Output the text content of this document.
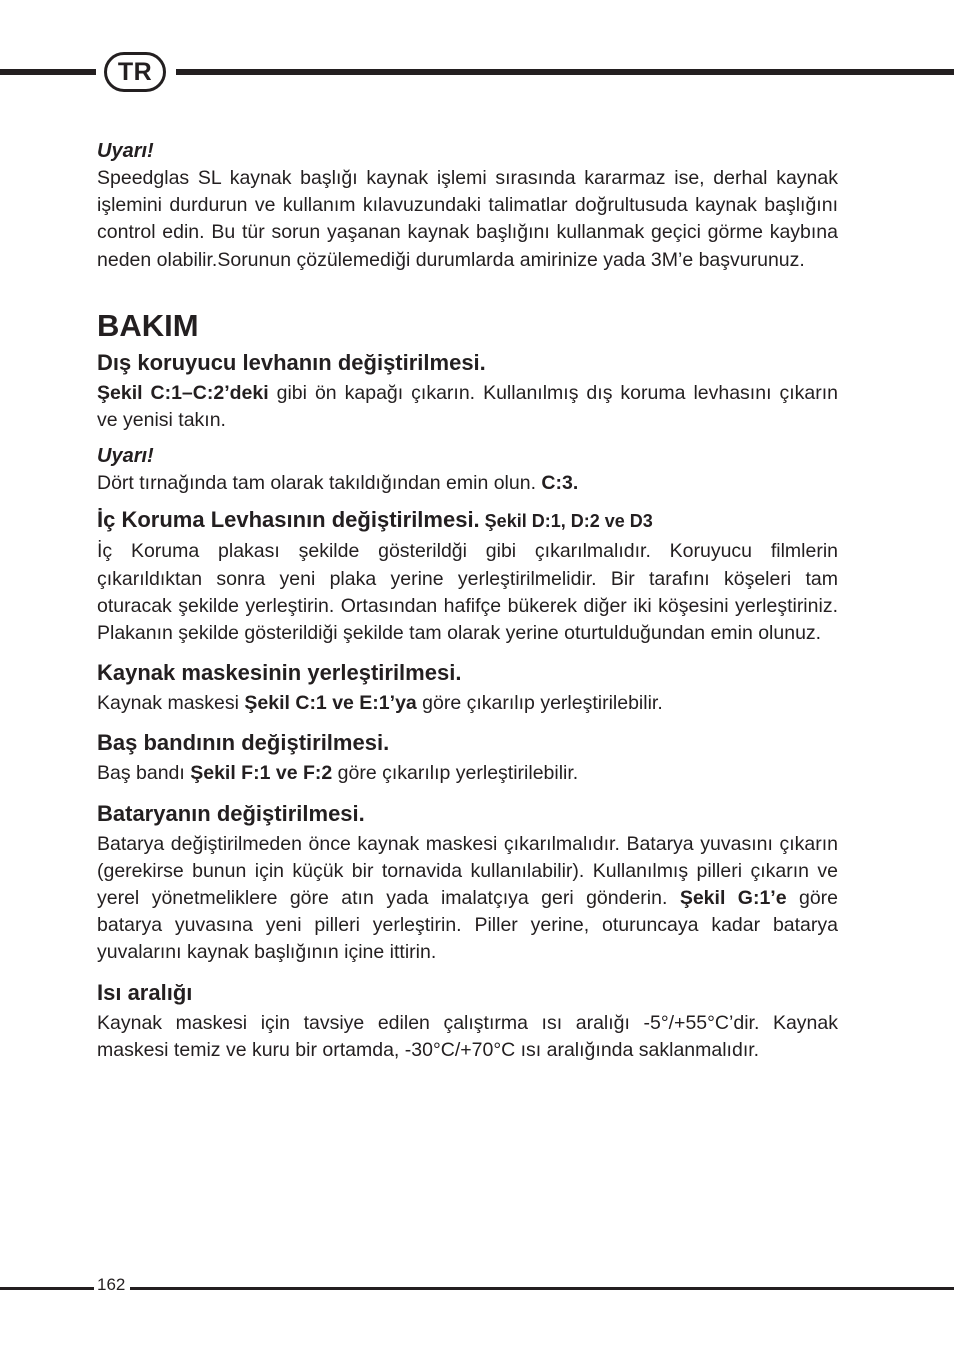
TR
Uyarı!

Speedglas SL kaynak başlığı kaynak işlemi sırasında kararmaz ise, derhal kaynak işlemini durdurun ve kullanım kılavuzundaki talimatlar doğrultusuda kaynak başlığını control edin. Bu tür sorun yaşanan kaynak başlığını kullanmak geçici görme kaybına neden olabilir.Sorunun çözülemediği durumlarda amirinize yada 3M’e başvurunuz.

BAKIM
Dış koruyucu levhanın değiştirilmesi.

Şekil C:1–C:2’deki gibi ön kapağı çıkarın. Kullanılmış dış koruma levhasını çıkarın ve yenisi takın.

Uyarı!

Dört tırnağında tam olarak takıldığından emin olun. C:3.

İç Koruma Levhasının değiştirilmesi. Şekil D:1, D:2 ve D3

İç Koruma plakası şekilde gösterildği gibi çıkarılmalıdır. Koruyucu filmlerin çıkarıldıktan sonra yeni plaka yerine yerleştirilmelidir. Bir tarafını köşeleri tam oturacak şekilde yerleştirin. Ortasından hafifçe bükerek diğer iki köşesini yerleştiriniz. Plakanın şekilde gösterildiği şekilde tam olarak yerine oturtulduğundan emin olunuz.

Kaynak maskesinin yerleştirilmesi.

Kaynak maskesi Şekil C:1 ve E:1’ya göre çıkarılıp yerleştirilebilir.

Baş bandının değiştirilmesi.

Baş bandı Şekil F:1 ve F:2 göre çıkarılıp yerleştirilebilir.

Bataryanın değiştirilmesi.

Batarya değiştirilmeden önce kaynak maskesi çıkarılmalıdır. Batarya yuvasını çıkarın (gerekirse bunun için küçük bir tornavida kullanılabilir). Kullanılmış pilleri çıkarın ve yerel yönetmeliklere göre atın yada imalatçıya geri gönderin. Şekil G:1’e göre batarya yuvasına yeni pilleri yerleştirin. Piller yerine, oturuncaya kadar batarya yuvalarını kaynak başlığının içine ittirin.

Isı aralığı

Kaynak maskesi için tavsiye edilen çalıştırma ısı aralığı -5°/+55°C’dir. Kaynak maskesi temiz ve kuru bir ortamda, -30°C/+70°C ısı aralığında saklanmalıdır.

162
